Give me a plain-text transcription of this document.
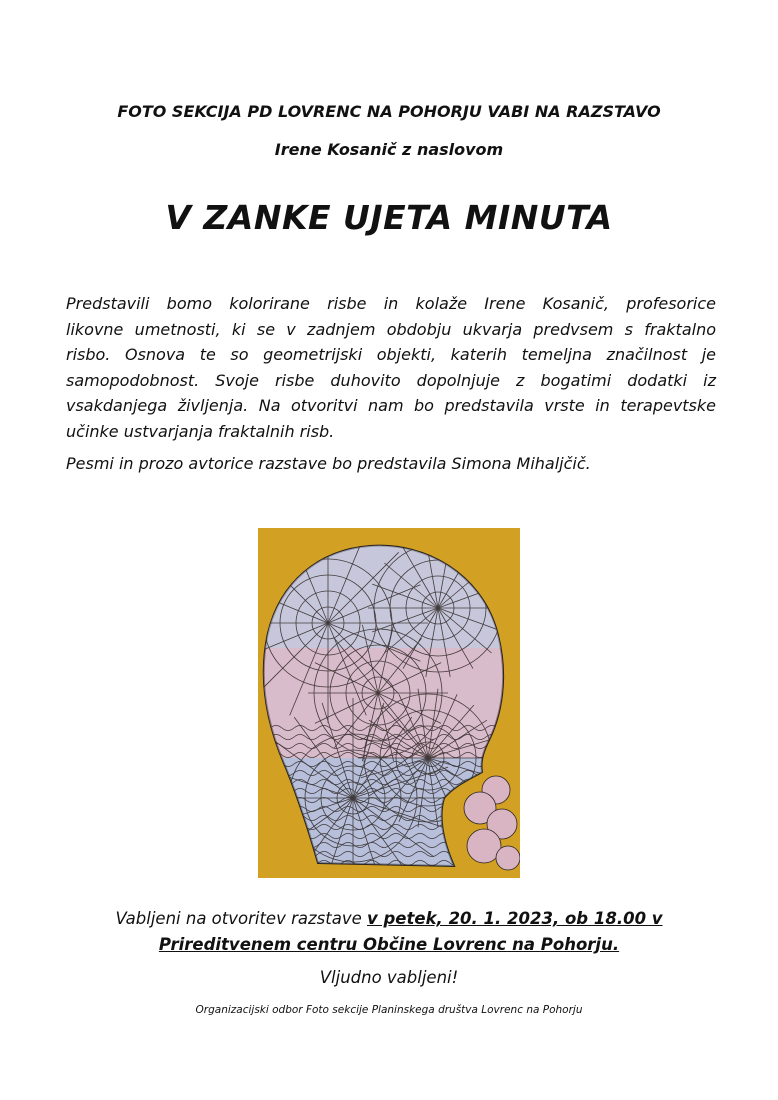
FOTO SEKCIJA PD LOVRENC NA POHORJU VABI NA RAZSTAVO
Irene Kosanič z naslovom
V ZANKE UJETA MINUTA
Predstavili bomo kolorirane risbe in kolaže Irene Kosanič, profesorice
likovne umetnosti, ki se v zadnjem obdobju ukvarja predvsem s fraktalno
risbo. Osnova te so geometrijski objekti, katerih temeljna značilnost je
samopodobnost. Svoje risbe duhovito dopolnjuje z bogatimi dodatki iz
vsakdanjega življenja. Na otvoritvi nam bo predstavila vrste in terapevtske
učinke ustvarjanja fraktalnih risb.
Pesmi in prozo avtorice razstave bo predstavila Simona Mihaljčič.
Vabljeni na otvoritev razstave v petek, 20. 1. 2023, ob 18.00 v
Prireditvenem centru Občine Lovrenc na Pohorju.
Vljudno vabljeni!
Organizacijski odbor Foto sekcije Planinskega društva Lovrenc na Pohorju
